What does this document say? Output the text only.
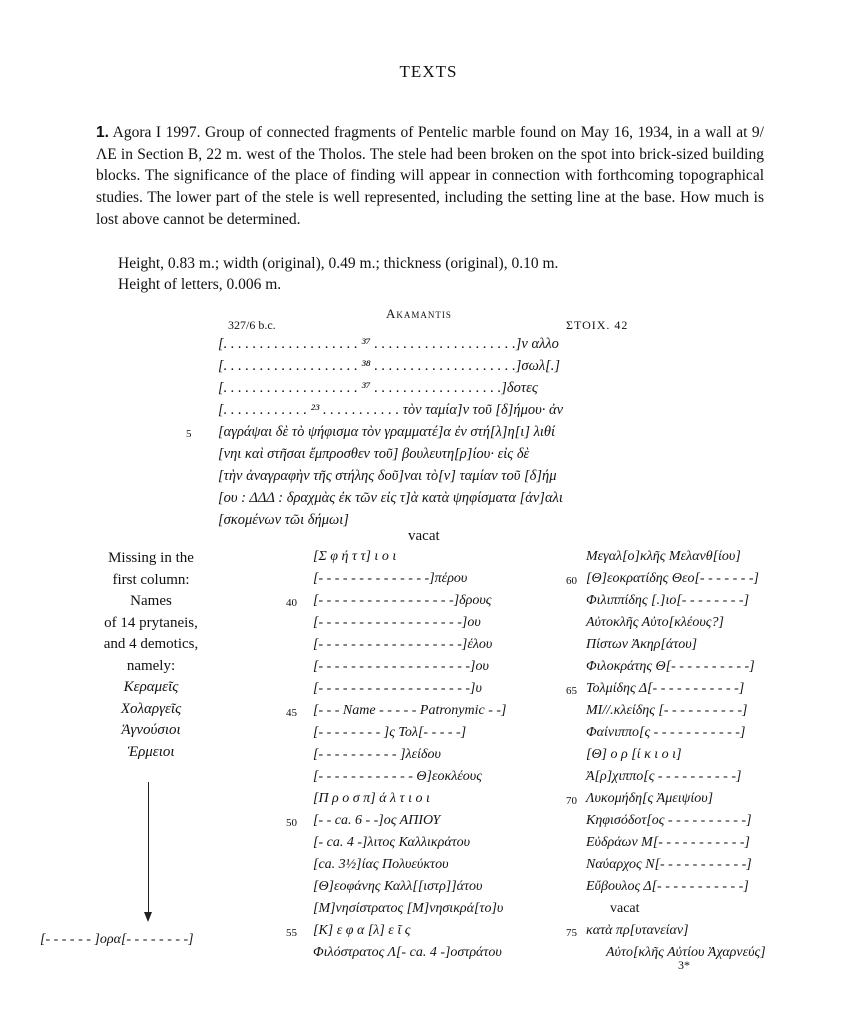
TEXTS
1. Agora I 1997. Group of connected fragments of Pentelic marble found on May 16, 1934, in a wall at 9/ΛΕ in Section Β, 22 m. west of the Tholos. The stele had been broken on the spot into brick-sized building blocks. The significance of the place of finding will appear in connection with forthcoming topographical studies. The lower part of the stele is well represented, including the setting line at the base. How much is lost above cannot be determined.
Height, 0.83 m.; width (original), 0.49 m.; thickness (original), 0.10 m.
Height of letters, 0.006 m.
327/6 b.c.
Akamantis
ΣΤΟΙΧ. 42
[. . . . . . . . . . . . . . . . . . . ³⁷ . . . . . . . . . . . . . . . . . . . .]ν αλλο
[. . . . . . . . . . . . . . . . . . . ³⁸ . . . . . . . . . . . . . . . . . . . .]σωλ[.]
[. . . . . . . . . . . . . . . . . . . ³⁷ . . . . . . . . . . . . . . . . . .]δοτες
[. . . . . . . . . . . . ²³ . . . . . . . . . . . τὸν ταμία]ν τοῦ [δ]ήμου· ἀν
5 [αγράψαι δὲ τὸ ψήφισμα τὸν γραμματέ]α ἐν στή[λ]η[ι] λιθί
[νηι καὶ στῆσαι ἔμπροσθεν τοῦ] βουλευτη[ρ]ίου· εἰς δὲ
[τὴν ἀναγραφὴν τῆς στήλης δοῦ]ναι τὸ[ν] ταμίαν τοῦ [δ]ήμ
[ου : ΔΔΔ : δραχμὰς ἐκ τῶν εἰς τ]ὰ κατὰ ψηφίσματα [ἀν]αλι
[σκομένων τῶι δήμωι]
vacat
Missing in the
first column:
Names
of 14 prytaneis,
and 4 demotics,
namely:
Κεραμεῖς
Χολαργεῖς
Ἁγνούσιοι
Ἑρμειοι
[Σ φ ή τ τ] ι ο ι
[- - - - - - - - - - - - - -]πέρου
40 [- - - - - - - - - - - - - - - - -]δρους
[- - - - - - - - - - - - - - - - - -]ου
[- - - - - - - - - - - - - - - - - -]έλου
[- - - - - - - - - - - - - - - - - - -]ου
[- - - - - - - - - - - - - - - - - - -]υ
45 [- - - Name - - - - - Patronymic - -]
[- - - - - - - - ]ς Τολ[- - - - -]
[- - - - - - - - - - ]λείδου
[- - - - - - - - - - - - Θ]εοκλέους
[Π ρ ο σ π] ά λ τ ι ο ι
50 [- - ca. 6 - -]ος ΑΠΙΟΥ
[- ca. 4 -]λιτος Καλλικράτου
[ca. 3½]ίας Πολυεύκτου
[Θ]εοφάνης Καλλ[[ιστρ]]άτου
[Μ]νησίστρατος [Μ]νησικρά[το]υ
55 [Κ] ε φ α [λ] ε ῖ ς
Φιλόστρατος Λ[- ca. 4 -]οστράτου
Μεγαλ[ο]κλῆς Μελανθ[ίου]
60 [Θ]εοκρατίδης Θεο[- - - - - - -]
Φιλιππίδης [.]ιο[- - - - - - - -]
Αὐτοκλῆς Αὐτο[κλέους?]
Πίστων Ἀκηρ[άτου]
Φιλοκράτης Θ[- - - - - - - - - -]
65 Τολμίδης Δ[- - - - - - - - - - -]
ΜΙ//.κλείδης [- - - - - - - - - -]
Φαίνιππο[ς - - - - - - - - - - -]
[Θ] ο ρ [ί κ ι ο ι]
Ἀ[ρ]χιππο[ς - - - - - - - - - -]
70 Λυκομήδη[ς Ἀμειψίου]
Κηφισόδοτ[ος - - - - - - - - - -]
Εὐδράων Μ[- - - - - - - - - - -]
Ναύαρχος Ν[- - - - - - - - - - -]
Εὔβουλος Δ[- - - - - - - - - - -]
vacat
75 κατὰ πρ[υτανείαν]
Αὐτο[κλῆς Αὐτίου Ἀχαρνεύς]
[- - - - - - ]ορα[- - - - - - - -]
3*
